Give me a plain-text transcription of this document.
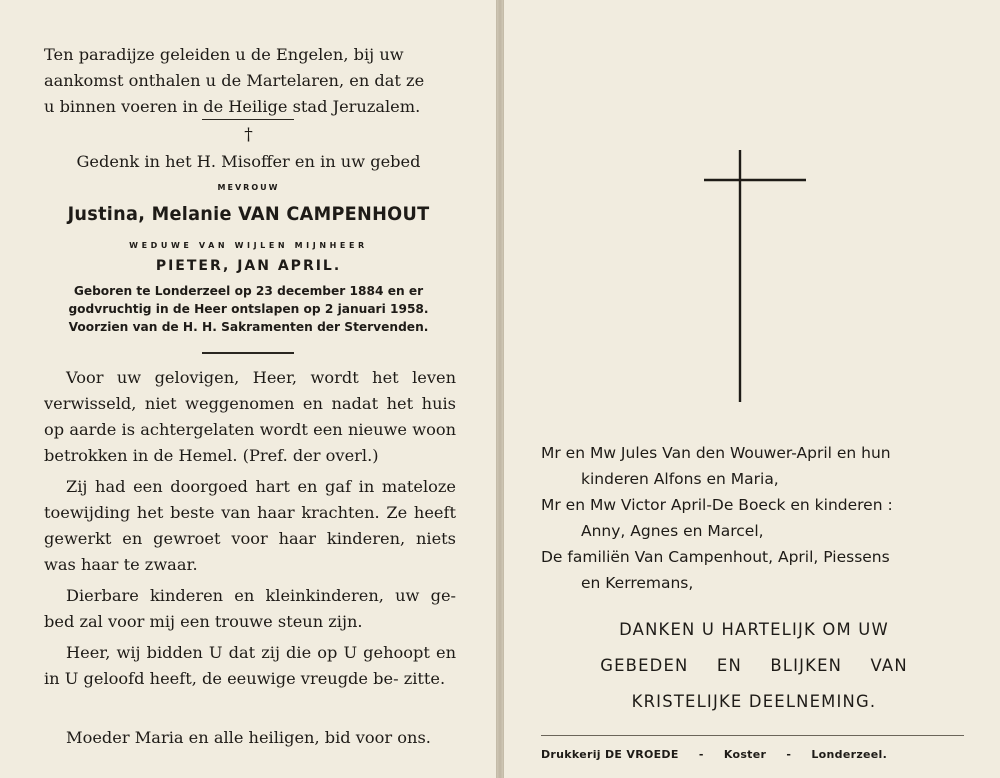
Ten paradijze geleiden u de Engelen, bij uw
aankomst onthalen u de Martelaren, en dat ze
u binnen voeren in de Heilige stad Jeruzalem.

†

Gedenk in het H. Misoffer en in uw gebed

MEVROUW

Justina, Melanie VAN CAMPENHOUT

WEDUWE VAN WIJLEN MIJNHEER

PIETER, JAN APRIL.

Geboren te Londerzeel op 23 december 1884 en er
godvruchtig in de Heer ontslapen op 2 januari 1958.
Voorzien van de H. H. Sakramenten der Stervenden.

Voor uw gelovigen, Heer, wordt het leven verwisseld, niet weggenomen en nadat het huis op aarde is achtergelaten wordt een nieuwe woon betrokken in de Hemel. (Pref. der overl.)

Zij had een doorgoed hart en gaf in mateloze toewijding het beste van haar krachten. Ze heeft gewerkt en gewroet voor haar kinderen, niets was haar te zwaar.

Dierbare kinderen en kleinkinderen, uw ge- bed zal voor mij een trouwe steun zijn.

Heer, wij bidden U dat zij die op U gehoopt en in U geloofd heeft, de eeuwige vreugde be- zitte.

Moeder Maria en alle heiligen, bid voor ons.

Mr en Mw Jules Van den Wouwer-April en hun
kinderen Alfons en Maria,
Mr en Mw Victor April-De Boeck en kinderen :
Anny, Agnes en Marcel,
De familiën Van Campenhout, April, Piessens
en Kerremans,
DANKEN U HARTELIJK OM UW
GEBEDEN EN BLIJKEN VAN
KRISTELIJKE DEELNEMING.
Drukkerij DE VROEDE - Koster - Londerzeel.
